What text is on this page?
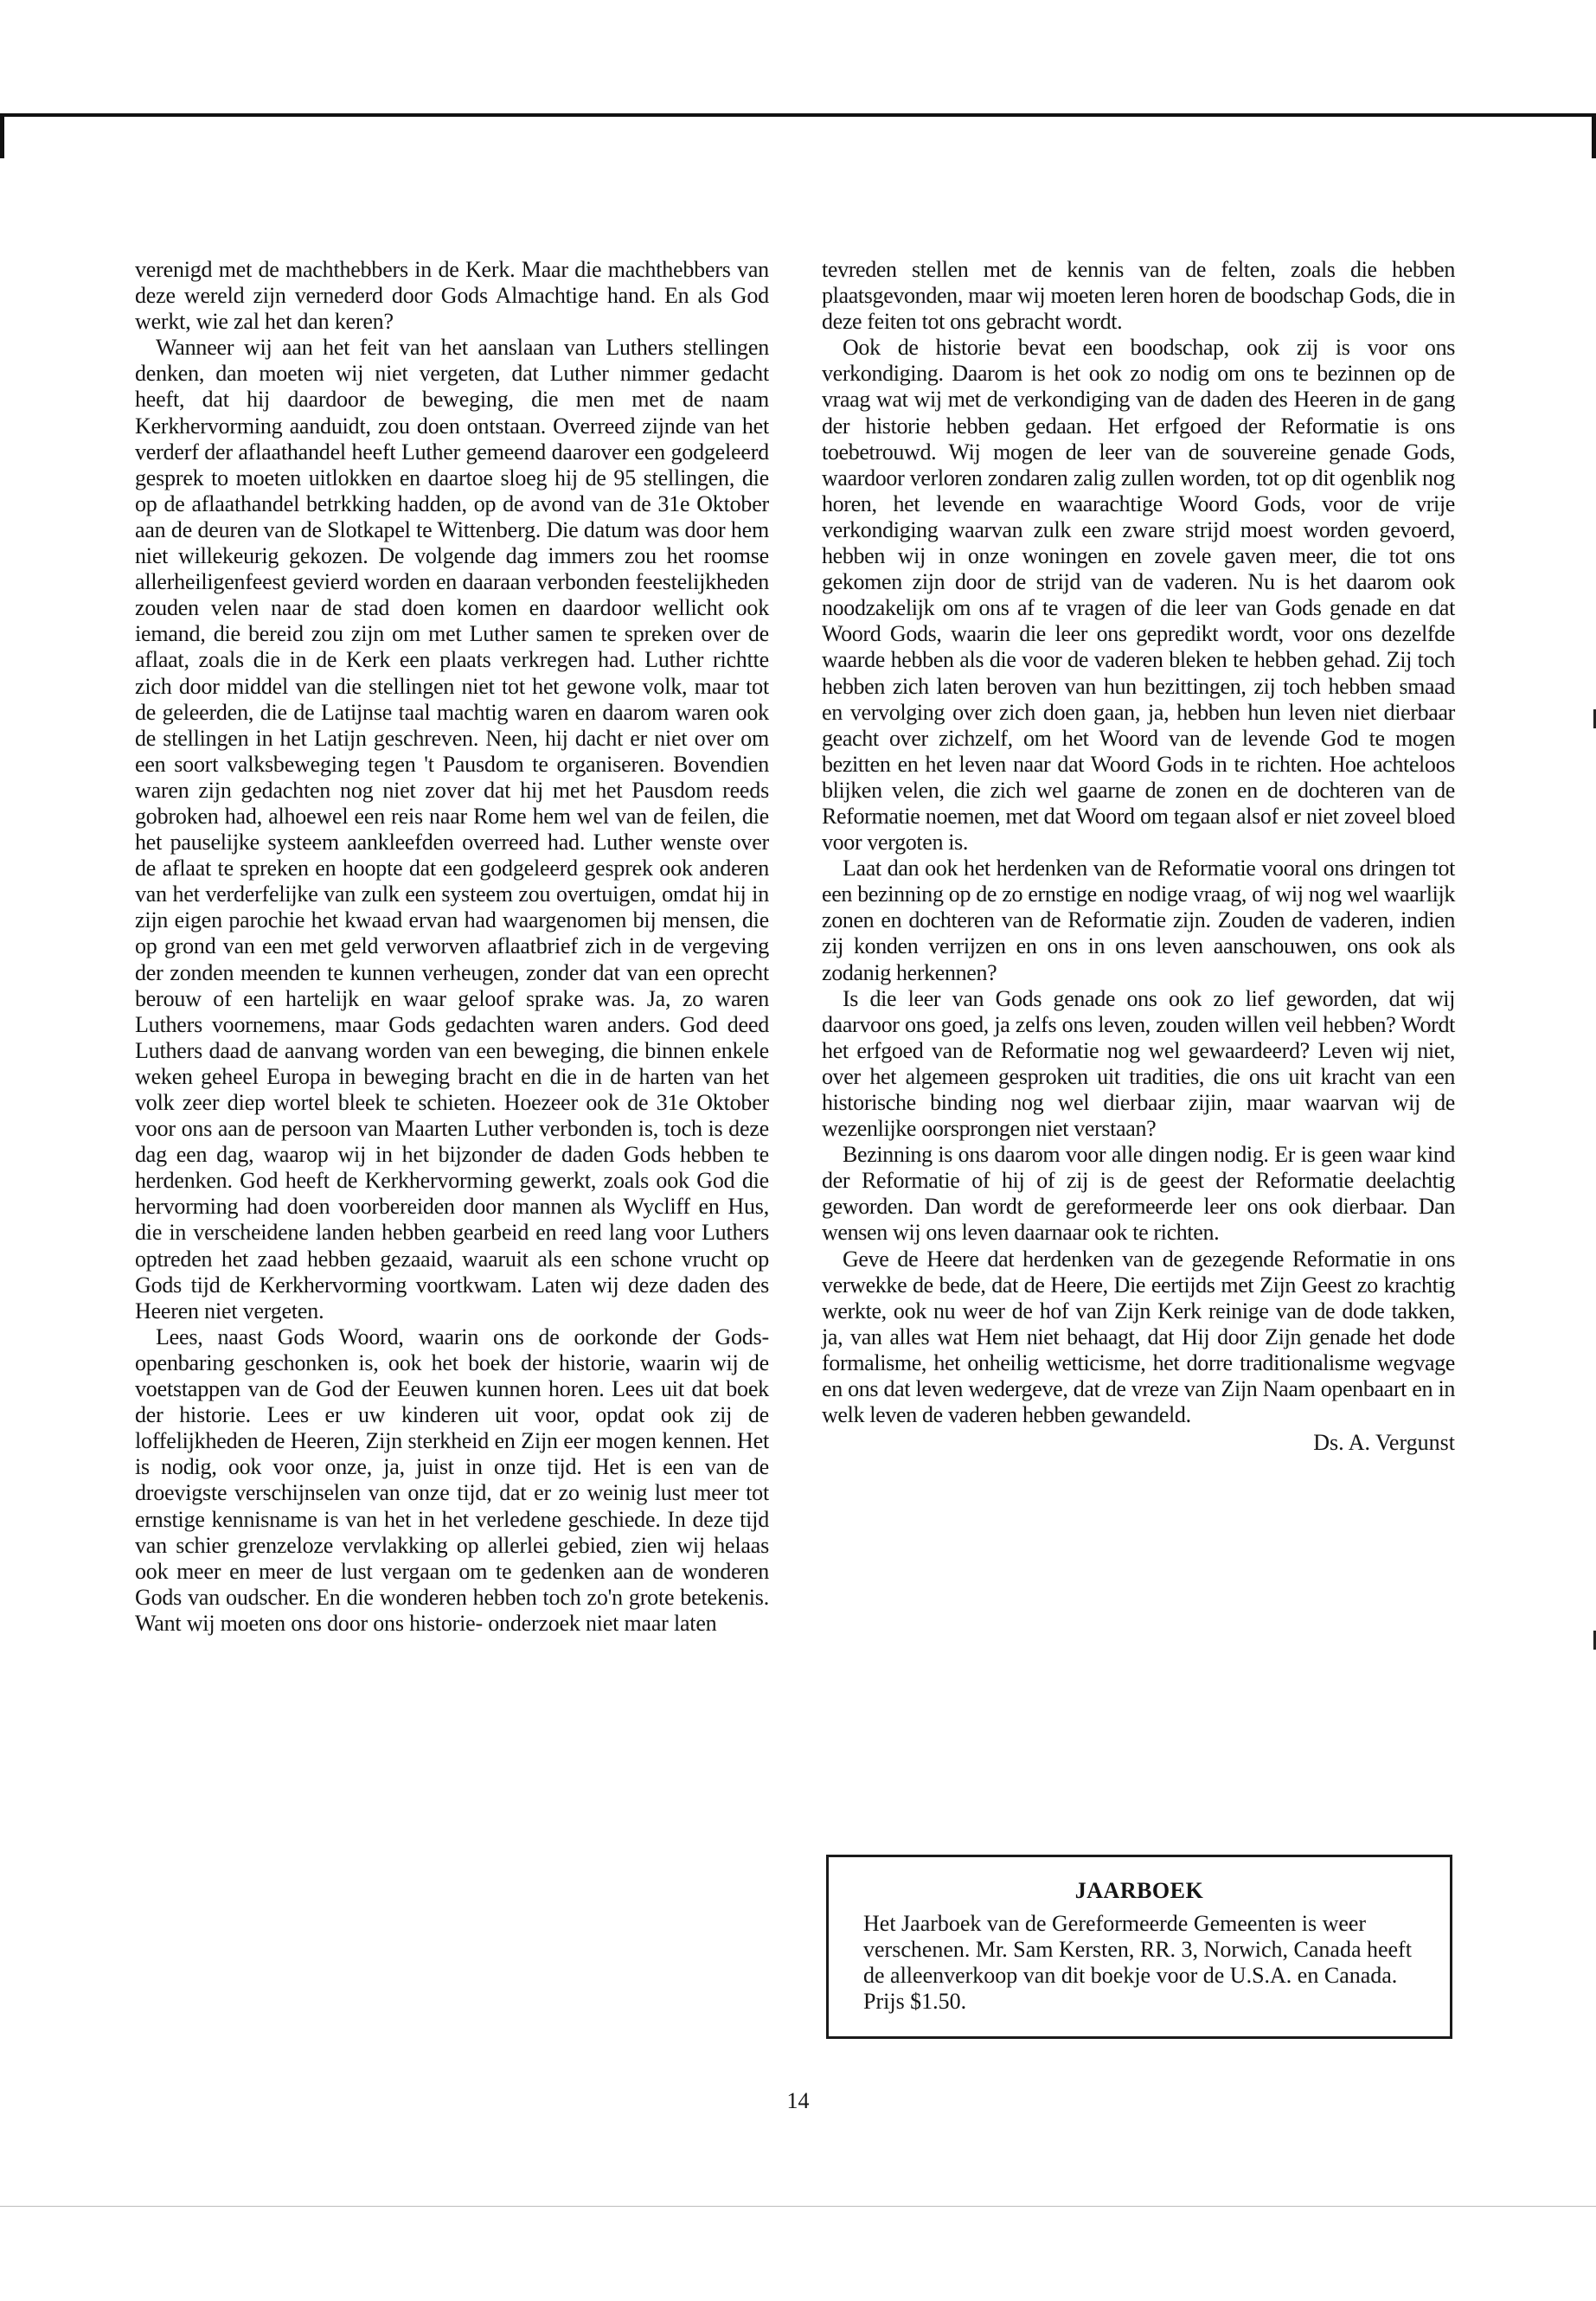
verenigd met de machthebbers in de Kerk. Maar die machthebbers van deze wereld zijn vernederd door Gods Almachtige hand. En als God werkt, wie zal het dan keren?

Wanneer wij aan het feit van het aanslaan van Luthers stellingen denken, dan moeten wij niet vergeten, dat Luther nimmer gedacht heeft, dat hij daardoor de beweging, die men met de naam Kerkhervorming aanduidt, zou doen ontstaan. Overreed zijnde van het verderf der aflaathandel heeft Luther gemeend daarover een godgeleerd gesprek to moeten uitlokken en daartoe sloeg hij de 95 stellingen, die op de aflaathandel betrkking hadden, op de avond van de 31e Oktober aan de deuren van de Slotkapel te Wittenberg. Die datum was door hem niet willekeurig gekozen. De volgende dag immers zou het roomse allerheiligenfeest gevierd worden en daaraan verbonden feestelijkheden zouden velen naar de stad doen komen en daardoor wellicht ook iemand, die bereid zou zijn om met Luther samen te spreken over de aflaat, zoals die in de Kerk een plaats verkregen had. Luther richtte zich door middel van die stellingen niet tot het gewone volk, maar tot de geleerden, die de Latijnse taal machtig waren en daarom waren ook de stellingen in het Latijn geschreven. Neen, hij dacht er niet over om een soort valksbeweging tegen 't Pausdom te organiseren. Bovendien waren zijn gedachten nog niet zover dat hij met het Pausdom reeds gobroken had, alhoewel een reis naar Rome hem wel van de feilen, die het pauselijke systeem aankleefden overreed had. Luther wenste over de aflaat te spreken en hoopte dat een godgeleerd gesprek ook anderen van het verderfelijke van zulk een systeem zou overtuigen, omdat hij in zijn eigen parochie het kwaad ervan had waargenomen bij mensen, die op grond van een met geld verworven aflaatbrief zich in de vergeving der zonden meenden te kunnen verheugen, zonder dat van een oprecht berouw of een hartelijk en waar geloof sprake was. Ja, zo waren Luthers voornemens, maar Gods gedachten waren anders. God deed Luthers daad de aanvang worden van een beweging, die binnen enkele weken geheel Europa in beweging bracht en die in de harten van het volk zeer diep wortel bleek te schieten. Hoezeer ook de 31e Oktober voor ons aan de persoon van Maarten Luther verbonden is, toch is deze dag een dag, waarop wij in het bijzonder de daden Gods hebben te herdenken. God heeft de Kerkhervorming gewerkt, zoals ook God die hervorming had doen voorbereiden door mannen als Wycliff en Hus, die in verscheidene landen hebben gearbeid en reed lang voor Luthers optreden het zaad hebben gezaaid, waaruit als een schone vrucht op Gods tijd de Kerkhervorming voortkwam. Laten wij deze daden des Heeren niet vergeten.

Lees, naast Gods Woord, waarin ons de oorkonde der Gods-openbaring geschonken is, ook het boek der historie, waarin wij de voetstappen van de God der Eeuwen kunnen horen. Lees uit dat boek der historie. Lees er uw kinderen uit voor, opdat ook zij de loffelijkheden de Heeren, Zijn sterkheid en Zijn eer mogen kennen. Het is nodig, ook voor onze, ja, juist in onze tijd. Het is een van de droevigste verschijnselen van onze tijd, dat er zo weinig lust meer tot ernstige kennisname is van het in het verledene geschiede. In deze tijd van schier grenzeloze vervlakking op allerlei gebied, zien wij helaas ook meer en meer de lust vergaan om te gedenken aan de wonderen Gods van oudscher. En die wonderen hebben toch zo'n grote betekenis. Want wij moeten ons door ons historie- onderzoek niet maar laten

tevreden stellen met de kennis van de felten, zoals die hebben plaatsgevonden, maar wij moeten leren horen de boodschap Gods, die in deze feiten tot ons gebracht wordt.

Ook de historie bevat een boodschap, ook zij is voor ons verkondiging. Daarom is het ook zo nodig om ons te bezinnen op de vraag wat wij met de verkondiging van de daden des Heeren in de gang der historie hebben gedaan. Het erfgoed der Reformatie is ons toebetrouwd. Wij mogen de leer van de souvereine genade Gods, waardoor verloren zondaren zalig zullen worden, tot op dit ogenblik nog horen, het levende en waarachtige Woord Gods, voor de vrije verkondiging waarvan zulk een zware strijd moest worden gevoerd, hebben wij in onze woningen en zovele gaven meer, die tot ons gekomen zijn door de strijd van de vaderen. Nu is het daarom ook noodzakelijk om ons af te vragen of die leer van Gods genade en dat Woord Gods, waarin die leer ons gepredikt wordt, voor ons dezelfde waarde hebben als die voor de vaderen bleken te hebben gehad. Zij toch hebben zich laten beroven van hun bezittingen, zij toch hebben smaad en vervolging over zich doen gaan, ja, hebben hun leven niet dierbaar geacht over zichzelf, om het Woord van de levende God te mogen bezitten en het leven naar dat Woord Gods in te richten. Hoe achteloos blijken velen, die zich wel gaarne de zonen en de dochteren van de Reformatie noemen, met dat Woord om tegaan alsof er niet zoveel bloed voor vergoten is.

Laat dan ook het herdenken van de Reformatie vooral ons dringen tot een bezinning op de zo ernstige en nodige vraag, of wij nog wel waarlijk zonen en dochteren van de Reformatie zijn. Zouden de vaderen, indien zij konden verrijzen en ons in ons leven aanschouwen, ons ook als zodanig herkennen?

Is die leer van Gods genade ons ook zo lief geworden, dat wij daarvoor ons goed, ja zelfs ons leven, zouden willen veil hebben? Wordt het erfgoed van de Reformatie nog wel gewaardeerd? Leven wij niet, over het algemeen gesproken uit tradities, die ons uit kracht van een historische binding nog wel dierbaar zijin, maar waarvan wij de wezenlijke oorsprongen niet verstaan?

Bezinning is ons daarom voor alle dingen nodig. Er is geen waar kind der Reformatie of hij of zij is de geest der Reformatie deelachtig geworden. Dan wordt de gereformeerde leer ons ook dierbaar. Dan wensen wij ons leven daarnaar ook te richten.

Geve de Heere dat herdenken van de gezegende Reformatie in ons verwekke de bede, dat de Heere, Die eertijds met Zijn Geest zo krachtig werkte, ook nu weer de hof van Zijn Kerk reinige van de dode takken, ja, van alles wat Hem niet behaagt, dat Hij door Zijn genade het dode formalisme, het onheilig wetticisme, het dorre traditionalisme wegvage en ons dat leven wedergeve, dat de vreze van Zijn Naam openbaart en in welk leven de vaderen hebben gewandeld.

Ds. A. Vergunst
JAARBOEK
Het Jaarboek van de Gereformeerde Gemeenten is weer verschenen. Mr. Sam Kersten, RR. 3, Norwich, Canada heeft de alleenverkoop van dit boekje voor de U.S.A. en Canada. Prijs $1.50.
14
